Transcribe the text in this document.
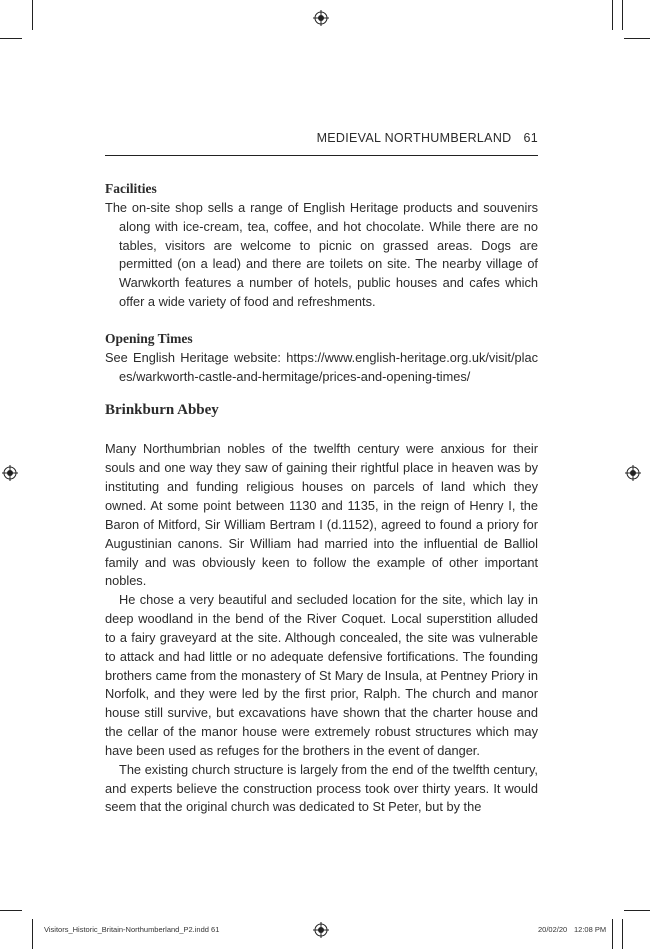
MEDIEVAL NORTHUMBERLAND 61
Facilities

The on-site shop sells a range of English Heritage products and souvenirs along with ice-cream, tea, coffee, and hot chocolate. While there are no tables, visitors are welcome to picnic on grassed areas. Dogs are permitted (on a lead) and there are toilets on site. The nearby village of Warwkorth features a number of hotels, public houses and cafes which offer a wide variety of food and refreshments.

Opening Times

See English Heritage website: https://www.english-heritage.org.uk/visit/places/warkworth-castle-and-hermitage/prices-and-opening-times/

Brinkburn Abbey

Many Northumbrian nobles of the twelfth century were anxious for their souls and one way they saw of gaining their rightful place in heaven was by instituting and funding religious houses on parcels of land which they owned. At some point between 1130 and 1135, in the reign of Henry I, the Baron of Mitford, Sir William Bertram I (d.1152), agreed to found a priory for Augustinian canons. Sir William had married into the influential de Balliol family and was obviously keen to follow the example of other important nobles.

He chose a very beautiful and secluded location for the site, which lay in deep woodland in the bend of the River Coquet. Local superstition alluded to a fairy graveyard at the site. Although concealed, the site was vulnerable to attack and had little or no adequate defensive fortifications. The founding brothers came from the monastery of St Mary de Insula, at Pentney Priory in Norfolk, and they were led by the first prior, Ralph. The church and manor house still survive, but excavations have shown that the charter house and the cellar of the manor house were extremely robust structures which may have been used as refuges for the brothers in the event of danger.

The existing church structure is largely from the end of the twelfth century, and experts believe the construction process took over thirty years. It would seem that the original church was dedicated to St Peter, but by the

Visitors_Historic_Britain-Northumberland_P2.indd 61	20/02/20 12:08 PM
